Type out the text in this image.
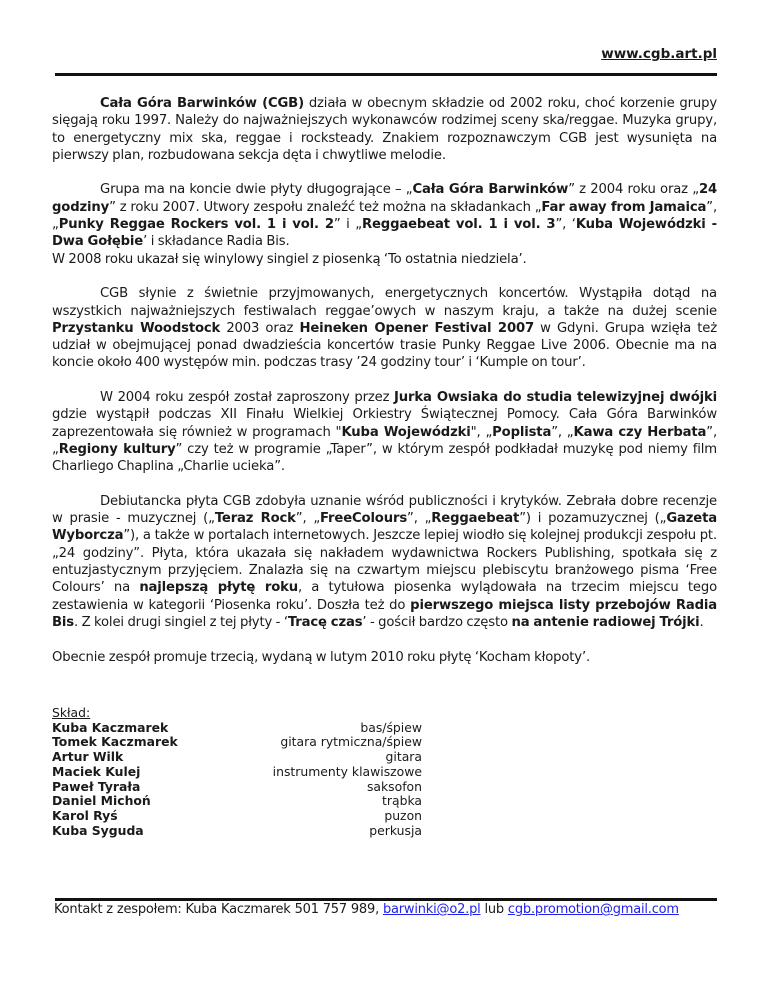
www.cgb.art.pl

Cała Góra Barwinków (CGB) działa w obecnym składzie od 2002 roku, choć korzenie grupy sięgają roku 1997. Należy do najważniejszych wykonawców rodzimej sceny ska/reggae. Muzyka grupy, to energetyczny mix ska, reggae i rocksteady. Znakiem rozpoznawczym CGB jest wysunięta na pierwszy plan, rozbudowana sekcja dęta i chwytliwe melodie.

Grupa ma na koncie dwie płyty długogrające – „Cała Góra Barwinków” z 2004 roku oraz „24 godziny” z roku 2007. Utwory zespołu znaleźć też można na składankach „Far away from Jamaica”, „Punky Reggae Rockers vol. 1 i vol. 2” i „Reggaebeat vol. 1 i vol. 3”, ‘Kuba Wojewódzki - Dwa Gołębie’ i składance Radia Bis.

W 2008 roku ukazał się winylowy singiel z piosenką ‘To ostatnia niedziela’.

CGB słynie z świetnie przyjmowanych, energetycznych koncertów. Wystąpiła dotąd na wszystkich najważniejszych festiwalach reggae’owych w naszym kraju, a także na dużej scenie Przystanku Woodstock 2003 oraz Heineken Opener Festival 2007 w Gdyni. Grupa wzięła też udział w obejmującej ponad dwadzieścia koncertów trasie Punky Reggae Live 2006. Obecnie ma na koncie około 400 występów min. podczas trasy ’24 godziny tour’ i ‘Kumple on tour’.

W 2004 roku zespół został zaproszony przez Jurka Owsiaka do studia telewizyjnej dwójki gdzie wystąpił podczas XII Finału Wielkiej Orkiestry Świątecznej Pomocy. Cała Góra Barwinków zaprezentowała się również w programach "Kuba Wojewódzki", „Poplista”, „Kawa czy Herbata”, „Regiony kultury” czy też w programie „Taper”, w którym zespół podkładał muzykę pod niemy film Charliego Chaplina „Charlie ucieka”.

Debiutancka płyta CGB zdobyła uznanie wśród publiczności i krytyków. Zebrała dobre recenzje w prasie - muzycznej („Teraz Rock”, „FreeColours”, „Reggaebeat”) i pozamuzycznej („Gazeta Wyborcza”), a także w portalach internetowych. Jeszcze lepiej wiodło się kolejnej produkcji zespołu pt. „24 godziny”. Płyta, która ukazała się nakładem wydawnictwa Rockers Publishing, spotkała się z entuzjastycznym przyjęciem. Znalazła się na czwartym miejscu plebiscytu branżowego pisma ‘Free Colours’ na najlepszą płytę roku, a tytułowa piosenka wylądowała na trzecim miejscu tego zestawienia w kategorii ‘Piosenka roku’. Doszła też do pierwszego miejsca listy przebojów Radia Bis. Z kolei drugi singiel z tej płyty - ‘Tracę czas’ - gościł bardzo często na antenie radiowej Trójki.

Obecnie zespół promuje trzecią, wydaną w lutym 2010 roku płytę ‘Kocham kłopoty’.

Skład:
Kuba Kaczmarek	bas/śpiew
Tomek Kaczmarek	gitara rytmiczna/śpiew
Artur Wilk	gitara
Maciek Kulej	instrumenty klawiszowe
Paweł Tyrała	saksofon
Daniel Michoń	trąbka
Karol Ryś	puzon
Kuba Syguda	perkusja
Kontakt z zespołem: Kuba Kaczmarek 501 757 989, barwinki@o2.pl lub cgb.promotion@gmail.com
